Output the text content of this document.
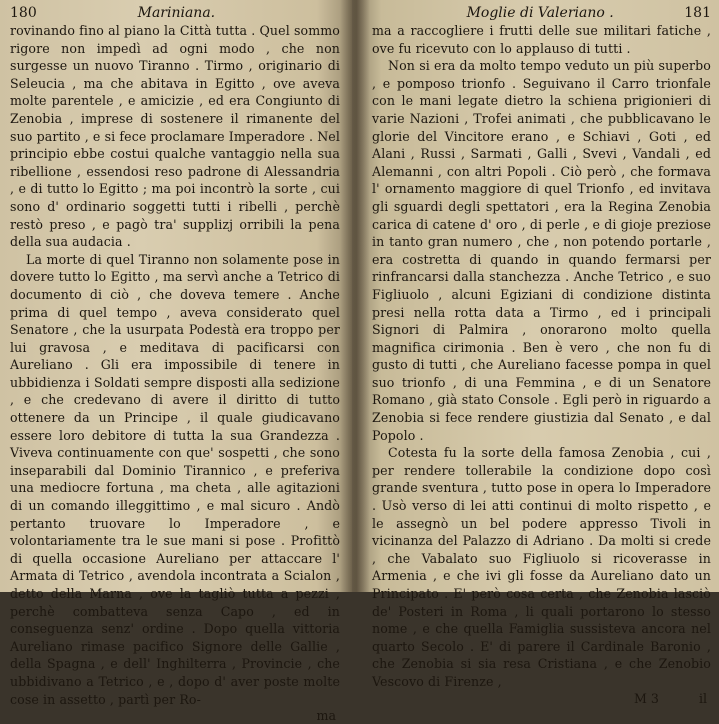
180	Mariniana.

rovinando fino al piano la Città tutta . Quel sommo rigore non impedì ad ogni modo , che non surgesse un nuovo Tiranno . Tirmo , originario di Seleucia , ma che abitava in Egitto , ove aveva molte parentele , e amicizie , ed era Congiunto di Zenobia , imprese di sostenere il rimanente del suo partito , e si fece proclamare Imperadore . Nel principio ebbe costui qualche vantaggio nella sua ribellione , essendosi reso padrone di Alessandria , e di tutto lo Egitto ; ma poi incontrò la sorte , cui sono d' ordinario soggetti tutti i ribelli , perchè restò preso , e pagò tra' supplizj orribili la pena della sua audacia .

La morte di quel Tiranno non solamente pose in dovere tutto lo Egitto , ma servì anche a Tetrico di documento di ciò , che doveva temere . Anche prima di quel tempo , aveva considerato quel Senatore , che la usurpata Podestà era troppo per lui gravosa , e meditava di pacificarsi con Aureliano . Gli era impossibile di tenere in ubbidienza i Soldati sempre disposti alla sedizione , e che credevano di avere il diritto di tutto ottenere da un Principe , il quale giudicavano essere loro debitore di tutta la sua Grandezza . Viveva continuamente con que' sospetti , che sono inseparabili dal Dominio Tirannico , e preferiva una mediocre fortuna , ma cheta , alle agitazioni di un comando illeggittimo , e mal sicuro . Andò pertanto truovare lo Imperadore , e volontariamente tra le sue mani si pose . Profittò di quella occasione Aureliano per attaccare l' Armata di Tetrico , avendola incontrata a Scialon , detto della Marna , ove la tagliò tutta a pezzi , perchè combatteva senza Capo , ed in conseguenza senz' ordine . Dopo quella vittoria Aureliano rimase pacifico Signore delle Gallie , della Spagna , e dell' Inghilterra , Provincie , che ubbidivano a Tetrico , e , dopo d' aver poste molte cose in assetto , partì per Ro-

ma
Moglie di Valeriano .	181

ma a raccogliere i frutti delle sue militari fatiche , ove fu ricevuto con lo applauso di tutti .

Non si era da molto tempo veduto un più superbo , e pomposo trionfo . Seguivano il Carro trionfale con le mani legate dietro la schiena prigionieri di varie Nazioni , Trofei animati , che pubblicavano le glorie del Vincitore erano , e Schiavi , Goti , ed Alani , Russi , Sarmati , Galli , Svevi , Vandali , ed Alemanni , con altri Popoli . Ciò però , che formava l' ornamento maggiore di quel Trionfo , ed invitava gli sguardi degli spettatori , era la Regina Zenobia carica di catene d' oro , di perle , e di gioje preziose in tanto gran numero , che , non potendo portarle , era costretta di quando in quando fermarsi per rinfrancarsi dalla stanchezza . Anche Tetrico , e suo Figliuolo , alcuni Egiziani di condizione distinta presi nella rotta data a Tirmo , ed i principali Signori di Palmira , onorarono molto quella magnifica cirimonia . Ben è vero , che non fu di gusto di tutti , che Aureliano facesse pompa in quel suo trionfo , di una Femmina , e di un Senatore Romano , già stato Console . Egli però in riguardo a Zenobia si fece rendere giustizia dal Senato , e dal Popolo .

Cotesta fu la sorte della famosa Zenobia , cui , per rendere tollerabile la condizione dopo così grande sventura , tutto pose in opera lo Imperadore . Usò verso di lei atti continui di molto rispetto , e le assegnò un bel podere appresso Tivoli in vicinanza del Palazzo di Adriano . Da molti si crede , che Vabalato suo Figliuolo si ricoverasse in Armenia , e che ivi gli fosse da Aureliano dato un Principato . E' però cosa certa , che Zenobia lasciò de' Posteri in Roma , li quali portarono lo stesso nome , e che quella Famiglia sussisteva ancora nel quarto Secolo . E' di parere il Cardinale Baronio , che Zenobia si sia resa Cristiana , e che Zenobio Vescovo di Firenze ,

M 3	il
